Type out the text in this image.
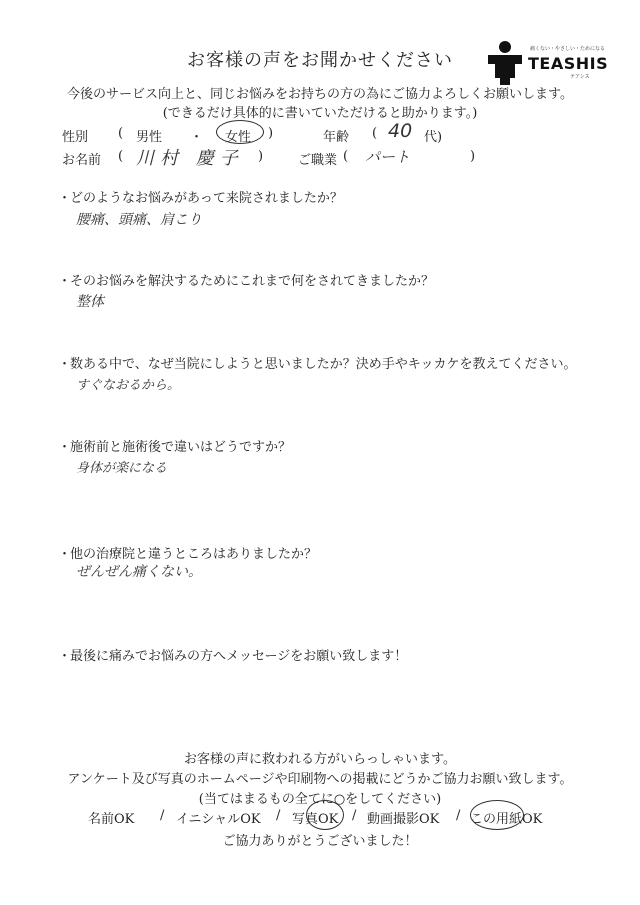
お客様の声をお聞かせください
痛くない・やさしい・ためになる
TEASHIS
テアシス
今後のサービス向上と、同じお悩みをお持ちの方の為にご協力よろしくお願いします。
(できるだけ具体的に書いていただけると助かります。)
性別 ( 男性 ・ 女性 )	年齢 ( 40 代)
お名前 ( 川村 慶子 )	ご職業 ( パート	)
・どのようなお悩みがあって来院されましたか？
腰痛、頭痛、肩こり
・そのお悩みを解決するためにこれまで何をされてきましたか？
整体
・数ある中で、なぜ当院にしようと思いましたか？決め手やキッカケを教えてください。
すぐなおるから。
・施術前と施術後で違いはどうですか？
身体が楽になる
・他の治療院と違うところはありましたか？
ぜんぜん痛くない。
・最後に痛みでお悩みの方へメッセージをお願い致します！
お客様の声に救われる方がいらっしゃいます。
アンケート及び写真のホームページや印刷物への掲載にどうかご協力お願い致します。
(当てはまるもの全てに○をしてください)
名前OK / イニシャルOK / 写真OK / 動画撮影OK / この用紙OK
ご協力ありがとうございました！
